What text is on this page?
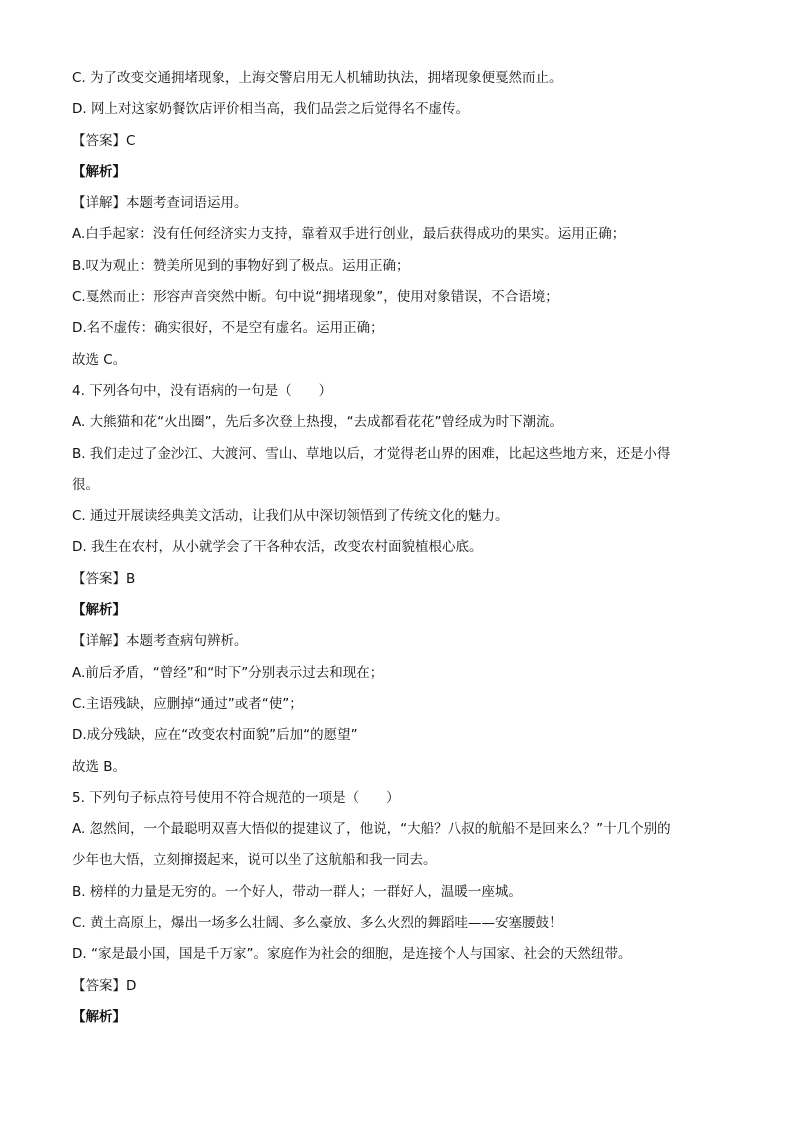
C. 为了改变交通拥堵现象，上海交警启用无人机辅助执法，拥堵现象便戛然而止。
D. 网上对这家奶餐饮店评价相当高，我们品尝之后觉得名不虚传。
【答案】C
【解析】
【详解】本题考查词语运用。
A.白手起家：没有任何经济实力支持，靠着双手进行创业，最后获得成功的果实。运用正确；
B.叹为观止：赞美所见到的事物好到了极点。运用正确；
C.戛然而止：形容声音突然中断。句中说“拥堵现象”，使用对象错误，不合语境；
D.名不虚传：确实很好，不是空有虚名。运用正确；
故选 C。
4. 下列各句中，没有语病的一句是（　　）
A. 大熊猫和花“火出圈”，先后多次登上热搜，“去成都看花花”曾经成为时下潮流。
B. 我们走过了金沙江、大渡河、雪山、草地以后，才觉得老山界的困难，比起这些地方来，还是小得
很。
C. 通过开展读经典美文活动，让我们从中深切领悟到了传统文化的魅力。
D. 我生在农村，从小就学会了干各种农活，改变农村面貌植根心底。
【答案】B
【解析】
【详解】本题考查病句辨析。
A.前后矛盾，“曾经”和“时下”分别表示过去和现在；
C.主语残缺，应删掉“通过”或者“使”；
D.成分残缺，应在“改变农村面貌”后加“的愿望”
故选 B。
5. 下列句子标点符号使用不符合规范的一项是（　　）
A. 忽然间，一个最聪明双喜大悟似的提建议了，他说，“大船？八叔的航船不是回来么？”十几个别的
少年也大悟，立刻撺掇起来，说可以坐了这航船和我一同去。
B. 榜样的力量是无穷的。一个好人，带动一群人；一群好人，温暖一座城。
C. 黄土高原上，爆出一场多么壮阔、多么豪放、多么火烈的舞蹈哇——安塞腰鼓！
D. “家是最小国，国是千万家”。家庭作为社会的细胞，是连接个人与国家、社会的天然纽带。
【答案】D
【解析】
